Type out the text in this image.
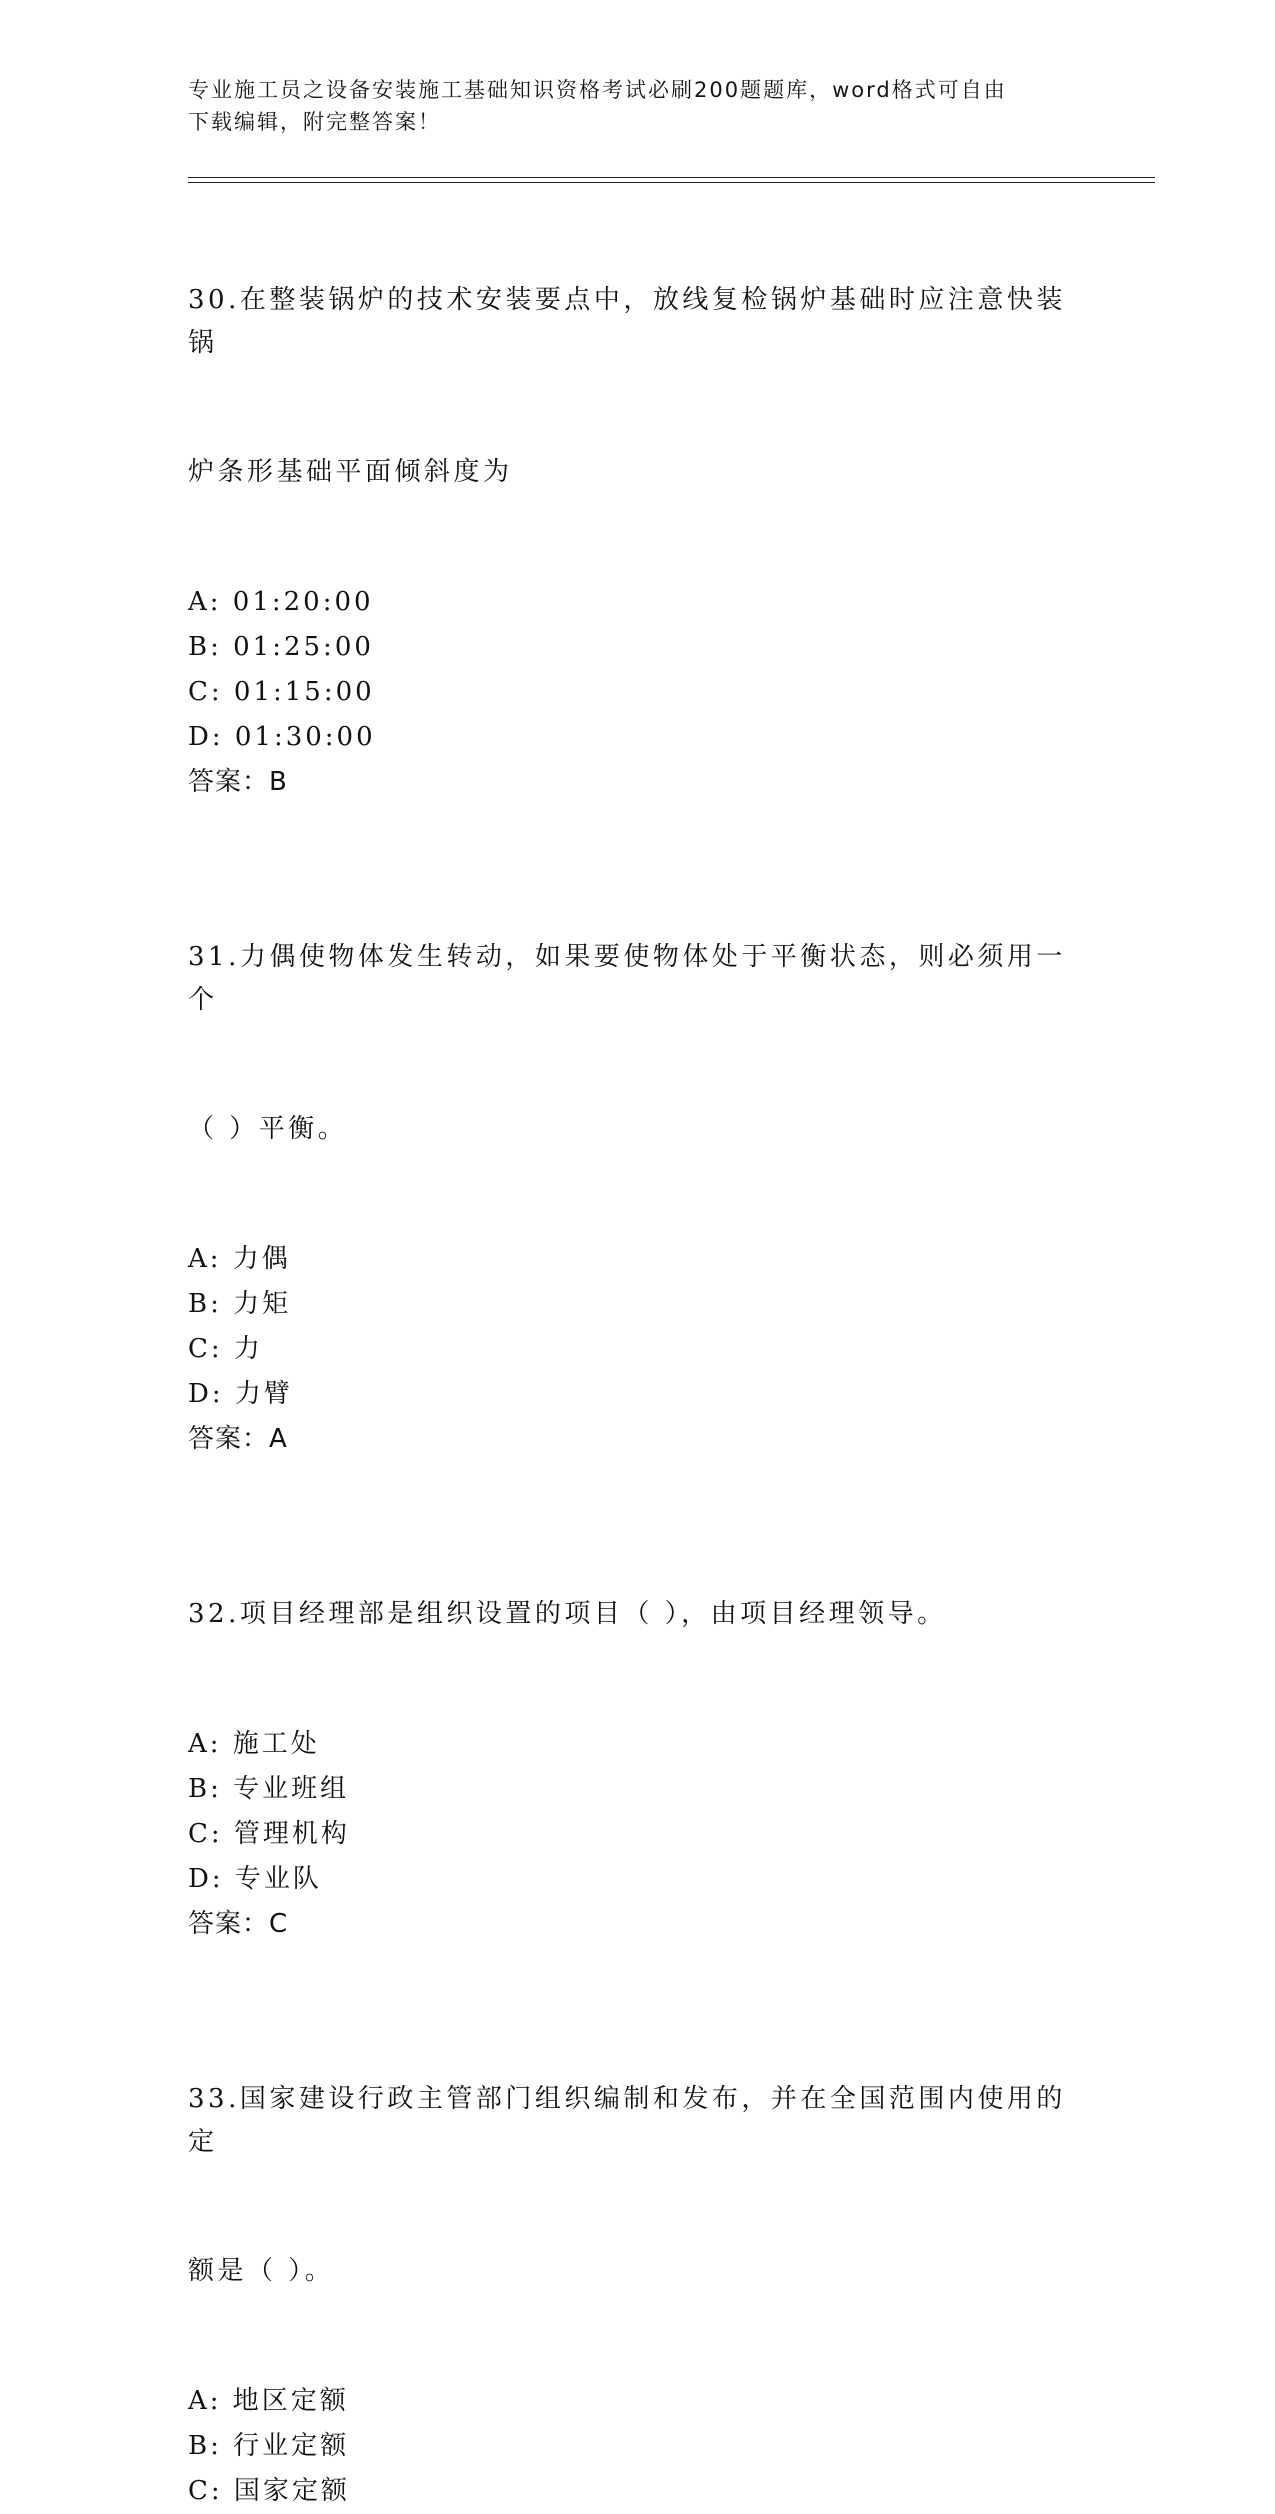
专业施工员之设备安装施工基础知识资格考试必刷200题题库，word格式可自由
下载编辑，附完整答案！

30.在整装锅炉的技术安装要点中，放线复检锅炉基础时应注意快装锅

炉条形基础平面倾斜度为

A: 01:20:00
B: 01:25:00
C: 01:15:00
D: 01:30:00
答案：B

31.力偶使物体发生转动，如果要使物体处于平衡状态，则必须用一个

（ ）平衡。

A: 力偶
B: 力矩
C: 力
D: 力臂
答案：A

32.项目经理部是组织设置的项目（ ），由项目经理领导。

A: 施工处
B: 专业班组
C: 管理机构
D: 专业队
答案：C

33.国家建设行政主管部门组织编制和发布，并在全国范围内使用的定

额是（ ）。

A: 地区定额
B: 行业定额
C: 国家定额
